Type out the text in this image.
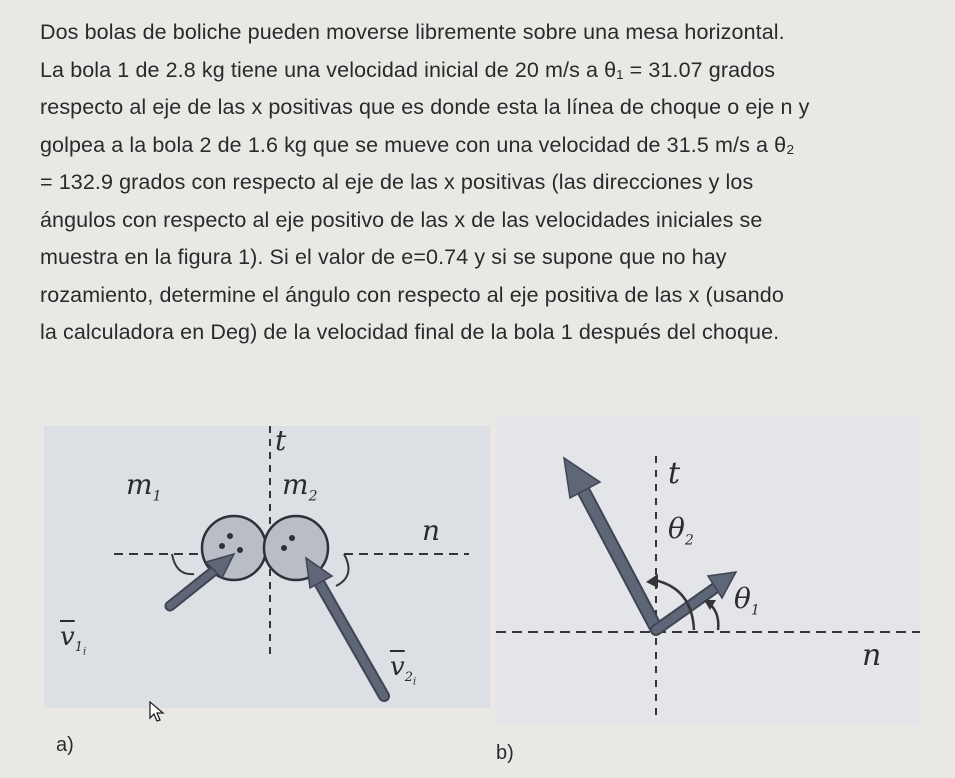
Dos bolas de boliche pueden moverse libremente sobre una mesa horizontal.

La bola 1 de 2.8 kg tiene una velocidad inicial de 20 m/s a θ₁ = 31.07 grados

respecto al eje de las x positivas que es donde esta la línea de choque o eje n y

golpea a la bola 2 de 1.6 kg que se mueve con una velocidad de 31.5 m/s a θ₂

= 132.9 grados con respecto al eje de las x positivas (las direcciones y los

ángulos con respecto al eje positivo de las x de las velocidades iniciales se

muestra en la figura 1). Si el valor de e=0.74 y si se supone que no hay

rozamiento, determine el ángulo con respecto al eje positiva de las x (usando

la calculadora en Deg) de la velocidad final de la bola 1 después del choque.

t
n
$m_1$	$m_2$
$\overline{v}_{1_i}$	$\overline{v}_{2_i}$
a)
t
n
$\theta_2$
$\theta_1$
b)
